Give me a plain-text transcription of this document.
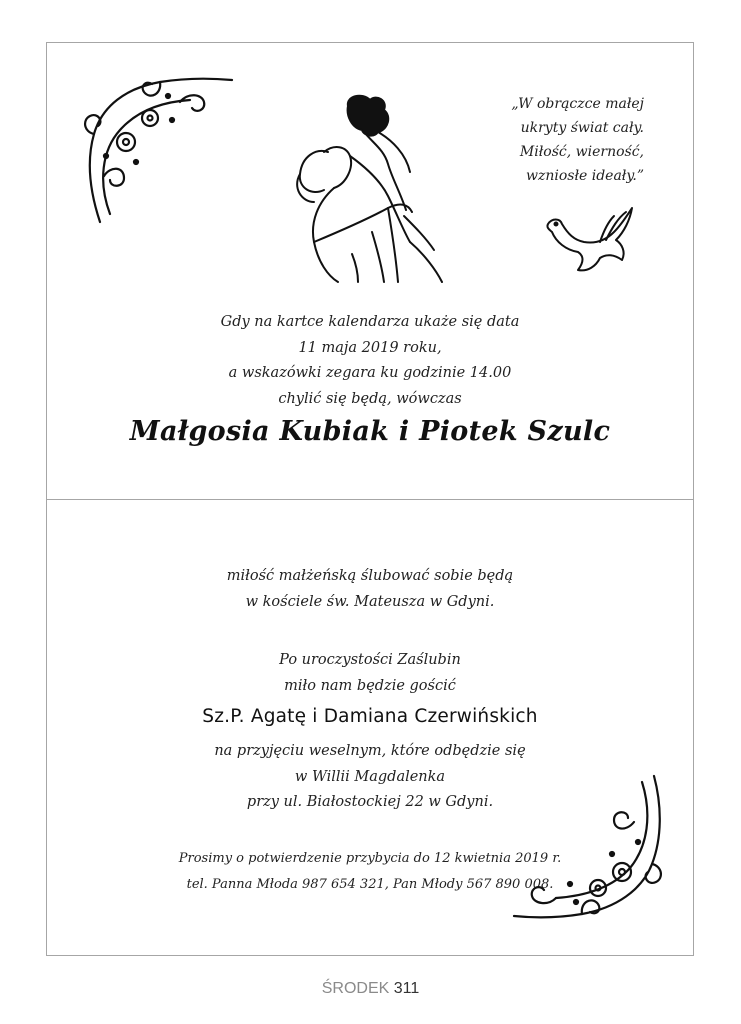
„W obrączce małej
ukryty świat cały.
Miłość, wierność,
wzniosłe ideały.”
Gdy na kartce kalendarza ukaże się data
11 maja 2019 roku,
a wskazówki zegara ku godzinie 14.00
chylić się będą, wówczas
Małgosia Kubiak i Piotek Szulc
miłość małżeńską ślubować sobie będą
w kościele św. Mateusza w Gdyni.
Po uroczystości Zaślubin
miło nam będzie gościć
Sz.P. Agatę i Damiana Czerwińskich
na przyjęciu weselnym, które odbędzie się
w Willii Magdalenka
przy ul. Białostockiej 22 w Gdyni.
Prosimy o potwierdzenie przybycia do 12 kwietnia 2019 r.
tel. Panna Młoda 987 654 321, Pan Młody 567 890 008.
ŚRODEK 311
